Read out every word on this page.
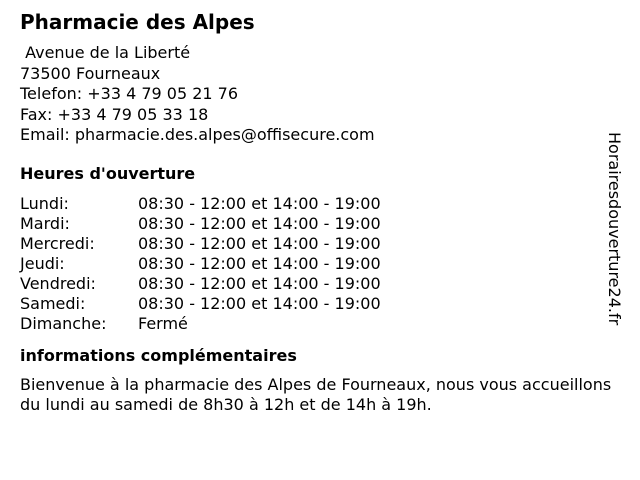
Pharmacie des Alpes
Avenue de la Liberté
73500 Fourneaux
Telefon: +33 4 79 05 21 76
Fax: +33 4 79 05 33 18
Email: pharmacie.des.alpes@offisecure.com
Heures d'ouverture
Lundi:	08:30 - 12:00 et 14:00 - 19:00
Mardi:	08:30 - 12:00 et 14:00 - 19:00
Mercredi:	08:30 - 12:00 et 14:00 - 19:00
Jeudi:	08:30 - 12:00 et 14:00 - 19:00
Vendredi:	08:30 - 12:00 et 14:00 - 19:00
Samedi:	08:30 - 12:00 et 14:00 - 19:00
Dimanche:	Fermé
informations complémentaires
Bienvenue à la pharmacie des Alpes de Fourneaux, nous vous accueillons du lundi au samedi de 8h30 à 12h et de 14h à 19h.
Horairesdouverture24.fr
